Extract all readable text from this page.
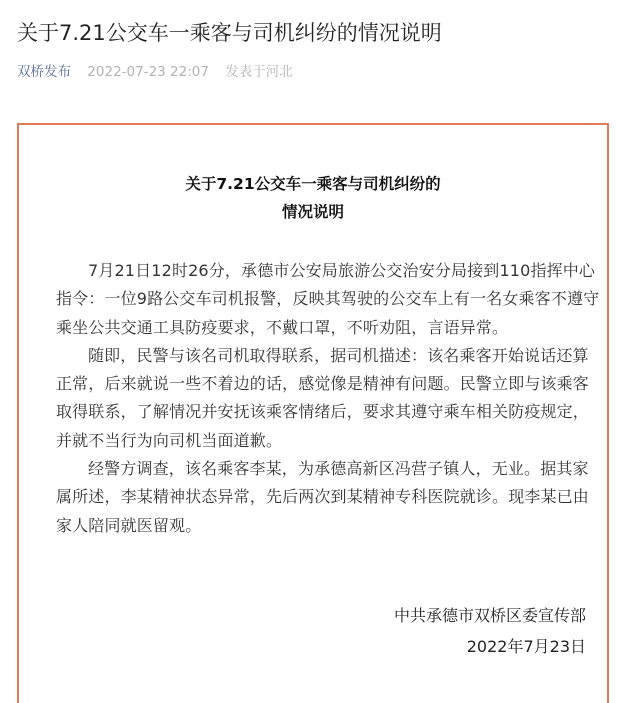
关于7.21公交车一乘客与司机纠纷的情况说明
双桥发布 2022-07-23 22:07 发表于河北
关于7.21公交车一乘客与司机纠纷的
情况说明

7月21日12时26分，承德市公安局旅游公交治安分局接到110指挥中心指令：一位9路公交车司机报警，反映其驾驶的公交车上有一名女乘客不遵守乘坐公共交通工具防疫要求，不戴口罩，不听劝阻，言语异常。

随即，民警与该名司机取得联系，据司机描述：该名乘客开始说话还算正常，后来就说一些不着边的话，感觉像是精神有问题。民警立即与该乘客取得联系，了解情况并安抚该乘客情绪后，要求其遵守乘车相关防疫规定，并就不当行为向司机当面道歉。

经警方调查，该名乘客李某，为承德高新区冯营子镇人，无业。据其家属所述，李某精神状态异常，先后两次到某精神专科医院就诊。现李某已由家人陪同就医留观。

中共承德市双桥区委宣传部
2022年7月23日
